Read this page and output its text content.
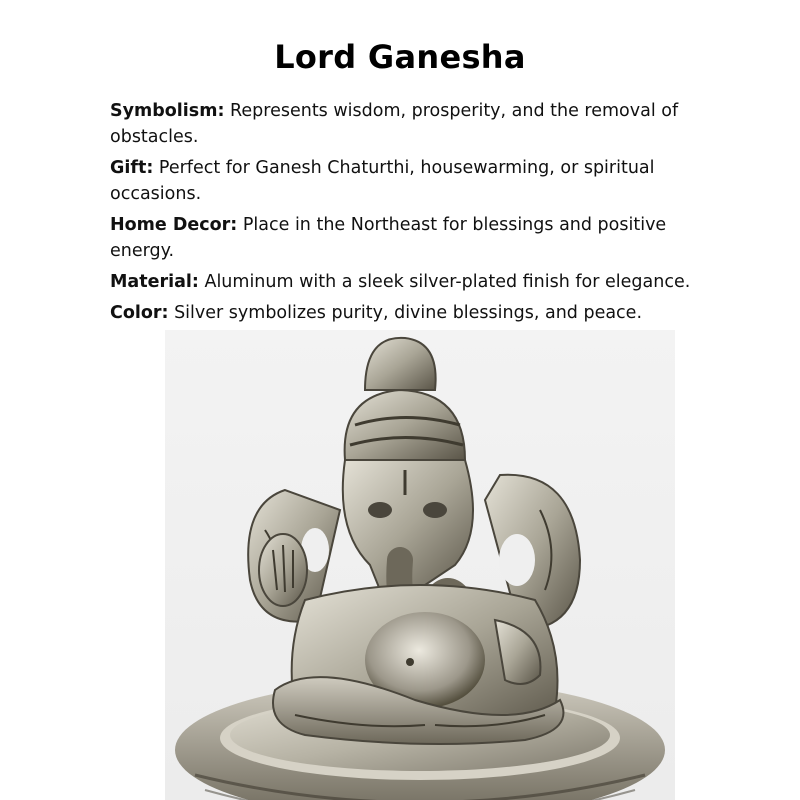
Lord Ganesha
Symbolism: Represents wisdom, prosperity, and the removal of obstacles.
Gift: Perfect for Ganesh Chaturthi, housewarming, or spiritual occasions.
Home Decor: Place in the Northeast for blessings and positive energy.
Material: Aluminum with a sleek silver-plated finish for elegance.
Color: Silver symbolizes purity, divine blessings, and peace.
